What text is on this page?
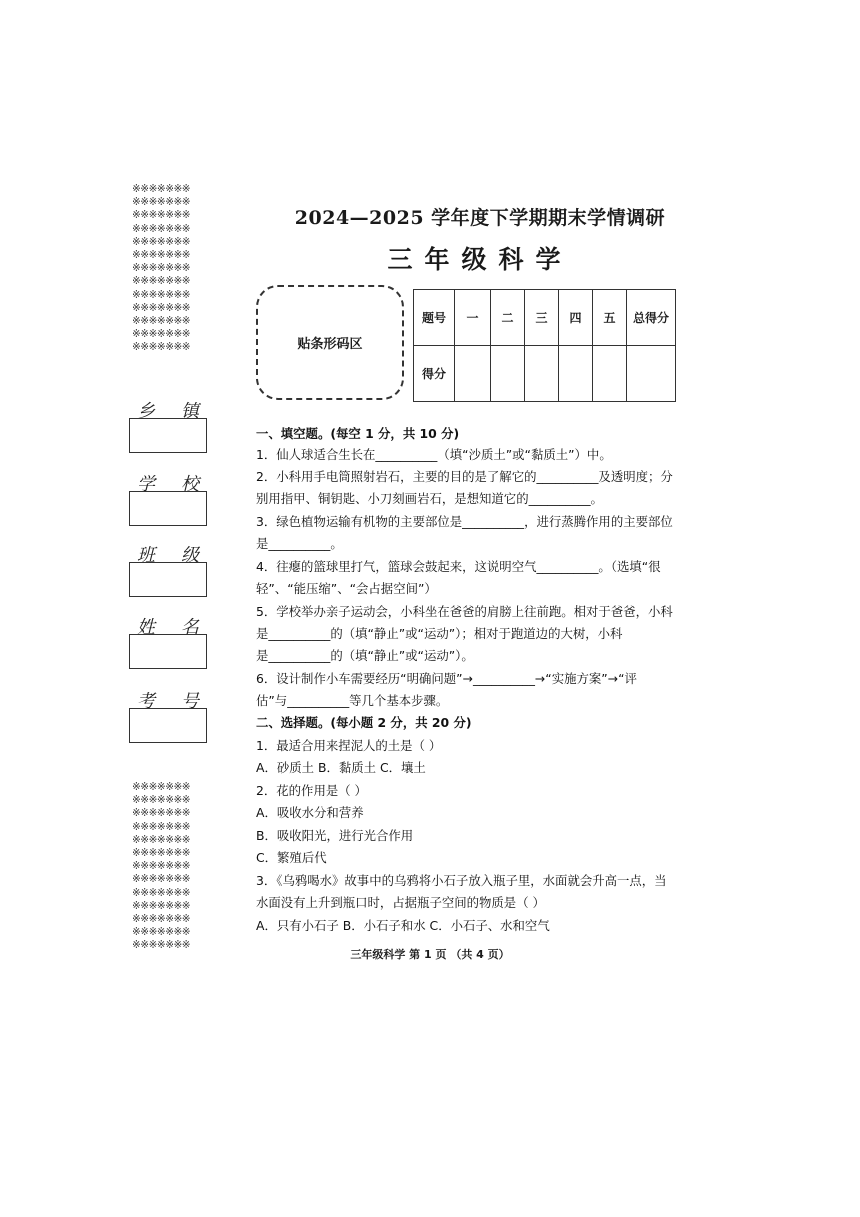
※※※※※※※
※※※※※※※
※※※※※※※
※※※※※※※
※※※※※※※
※※※※※※※
※※※※※※※
※※※※※※※
※※※※※※※
※※※※※※※
※※※※※※※
※※※※※※※
※※※※※※※
※※※※※※※
※※※※※※※
※※※※※※※
※※※※※※※
※※※※※※※
※※※※※※※
※※※※※※※
※※※※※※※
※※※※※※※
※※※※※※※
※※※※※※※
※※※※※※※
※※※※※※※
乡 镇
学 校
班 级
姓 名
考 号
2024—2025 学年度下学期期末学情调研
三年级科学
贴条形码区
题号	一	二	三	四	五	总得分
得分						
一、填空题。(每空 1 分，共 10 分)
1．仙人球适合生长在__________（填“沙质土”或“黏质土”）中。
2．小科用手电筒照射岩石，主要的目的是了解它的__________及透明度；分
别用指甲、铜钥匙、小刀刻画岩石，是想知道它的__________。
3．绿色植物运输有机物的主要部位是__________，进行蒸腾作用的主要部位
是__________。
4．往瘪的篮球里打气，篮球会鼓起来，这说明空气__________。（选填“很
轻”、“能压缩”、“会占据空间”）
5．学校举办亲子运动会，小科坐在爸爸的肩膀上往前跑。相对于爸爸，小科
是__________的（填“静止”或“运动”）；相对于跑道边的大树，小科
是__________的（填“静止”或“运动”）。
6．设计制作小车需要经历“明确问题”→__________→“实施方案”→“评
估”与__________等几个基本步骤。
二、选择题。(每小题 2 分，共 20 分)
1．最适合用来捏泥人的土是（ ）
A．砂质土 B．黏质土 C．壤土
2．花的作用是（ ）
A．吸收水分和营养
B．吸收阳光，进行光合作用
C．繁殖后代
3．《乌鸦喝水》故事中的乌鸦将小石子放入瓶子里，水面就会升高一点，当
水面没有上升到瓶口时，占据瓶子空间的物质是（ ）
A．只有小石子 B．小石子和水 C．小石子、水和空气
三年级科学 第 1 页 （共 4 页）
